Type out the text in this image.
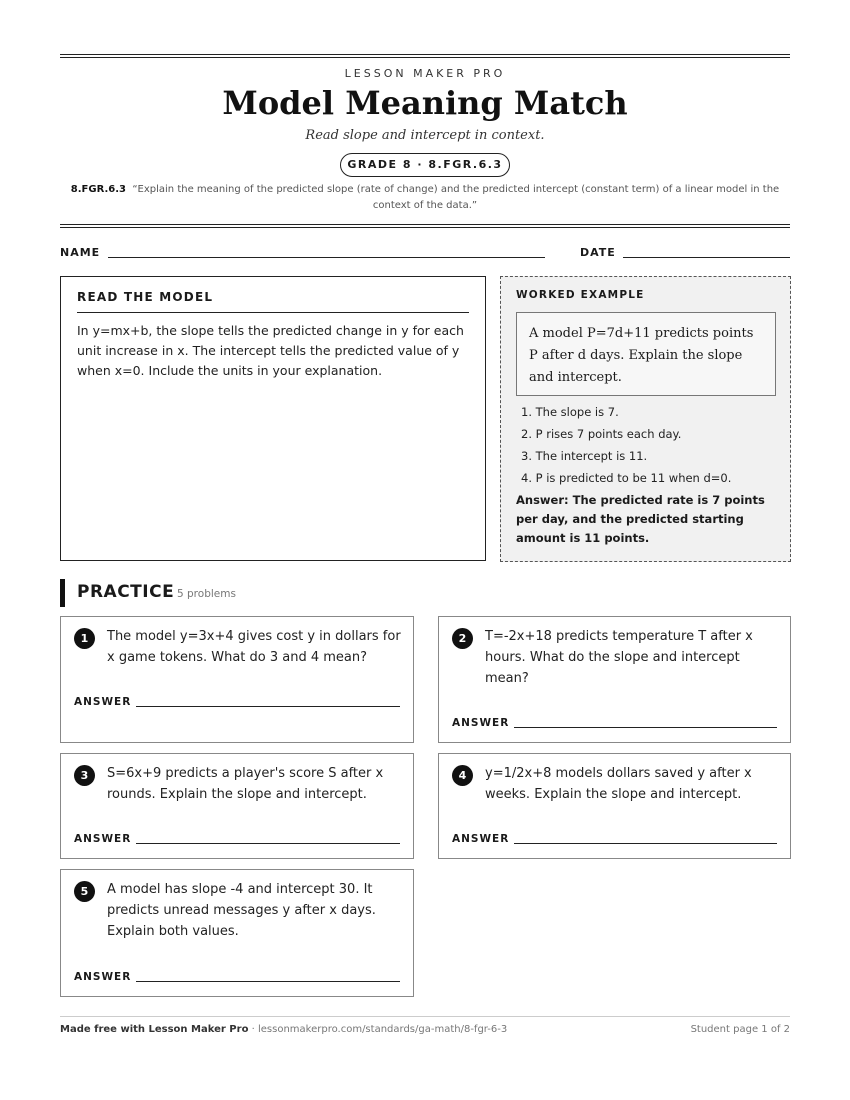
LESSON MAKER PRO
Model Meaning Match
Read slope and intercept in context.
GRADE 8 · 8.FGR.6.3
8.FGR.6.3 “Explain the meaning of the predicted slope (rate of change) and the predicted intercept (constant term) of a linear model in the context of the data.”
NAME	DATE
READ THE MODEL
In y=mx+b, the slope tells the predicted change in y for each unit increase in x. The intercept tells the predicted value of y when x=0. Include the units in your explanation.
WORKED EXAMPLE
A model P=7d+11 predicts points P after d days. Explain the slope and intercept.
1. The slope is 7.
2. P rises 7 points each day.
3. The intercept is 11.
4. P is predicted to be 11 when d=0.
Answer: The predicted rate is 7 points per day, and the predicted starting amount is 11 points.
PRACTICE 5 problems
1	The model y=3x+4 gives cost y in dollars for x game tokens. What do 3 and 4 mean?
ANSWER
2	T=-2x+18 predicts temperature T after x hours. What do the slope and intercept mean?
ANSWER
3	S=6x+9 predicts a player's score S after x rounds. Explain the slope and intercept.
ANSWER
4	y=1/2x+8 models dollars saved y after x weeks. Explain the slope and intercept.
ANSWER
5	A model has slope -4 and intercept 30. It predicts unread messages y after x days. Explain both values.
ANSWER
Made free with Lesson Maker Pro · lessonmakerpro.com/standards/ga-math/8-fgr-6-3	Student page 1 of 2
